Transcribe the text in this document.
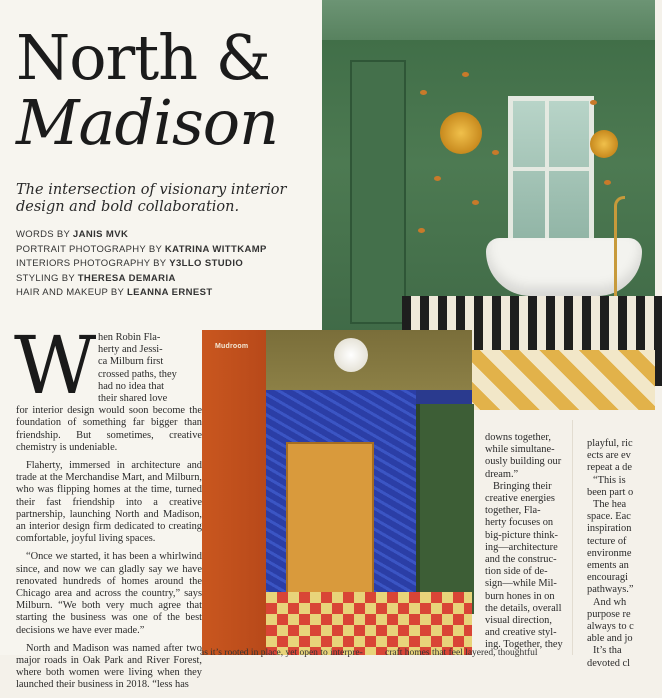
North &
Madison
The intersection of visionary interior
design and bold collaboration.
WORDS BY JANIS MVK
PORTRAIT PHOTOGRAPHY BY KATRINA WITTKAMP
INTERIORS PHOTOGRAPHY BY Y3LLO STUDIO
STYLING BY THERESA DEMARIA
HAIR AND MAKEUP BY LEANNA ERNEST
Mudroom
W hen Robin Fla-
herty and Jessi-
ca Milburn first
crossed paths, they
had no idea that
their shared love

for interior design would soon become the foundation of something far bigger than friendship. But sometimes, creative chemistry is undeniable.

Flaherty, immersed in architecture and trade at the Merchandise Mart, and Milburn, who was flipping homes at the time, turned their fast friendship into a creative partnership, launching North and Madison, an interior design firm dedicated to creating comfortable, joyful living spaces.

“Once we started, it has been a whirlwind since, and now we can gladly say we have renovated hundreds of homes around the Chicago area and across the country,” says Milburn. “We both very much agree that starting the business was one of the best decisions we have ever made.”

North and Madison was named after two major roads in Oak Park and River Forest, where both women were living when they launched their business in 2018. “less has

as it’s rooted in place, yet open to interpre-
downs together,
while simultane-
ously building our
dream.”
Bringing their
creative energies
together, Fla-
herty focuses on
big-picture think-
ing—architecture
and the construc-
tion side of de-
sign—while Mil-
burn hones in on
the details, overall
visual direction,
and creative styl-
ing. Together, they
craft homes that feel layered, thoughtful
playful, ric
ects are ev
repeat a de
“This is
been part o
The hea
space. Eac
inspiration
tecture of
environme
ements an
encouragi
pathways.”
And wh
purpose re
always to c
able and jo
It’s tha
devoted cl
